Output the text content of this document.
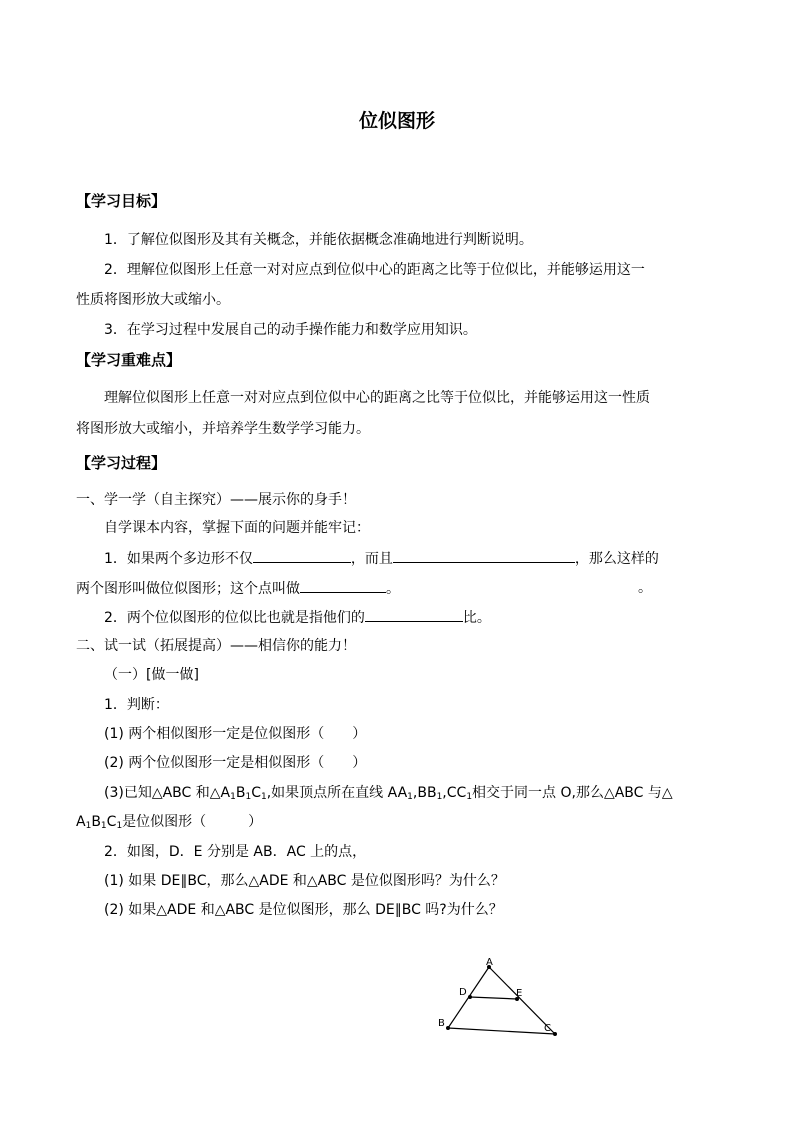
位似图形
【学习目标】
1．了解位似图形及其有关概念，并能依据概念准确地进行判断说明。
2．理解位似图形上任意一对对应点到位似中心的距离之比等于位似比，并能够运用这一
性质将图形放大或缩小。
3．在学习过程中发展自己的动手操作能力和数学应用知识。
【学习重难点】
理解位似图形上任意一对对应点到位似中心的距离之比等于位似比，并能够运用这一性质
将图形放大或缩小，并培养学生数学学习能力。
【学习过程】
一、学一学（自主探究）——展示你的身手！
自学课本内容，掌握下面的问题并能牢记：
1．如果两个多边形不仅	，而且	，那么这样的
两个图形叫做位似图形；这个点叫做	。	。
2．两个位似图形的位似比也就是指他们的	比。
二、试一试（拓展提高）——相信你的能力！
（一）[做一做]
1．判断：
(1) 两个相似图形一定是位似图形（　　）
(2) 两个位似图形一定是相似图形（　　）
(3)已知△ABC 和$\triangle A_1B_1C_1$,如果顶点所在直线 $AA_1,BB_1,CC_1$相交于同一点 O,那么△ABC 与△
$A_1B_1C_1$是位似图形（　　　）
2．如图，D．E 分别是 AB．AC 上的点，
(1) 如果 DE∥BC，那么△ADE 和△ABC 是位似图形吗？为什么？
(2) 如果△ADE 和△ABC 是位似图形，那么 DE∥BC 吗?为什么？
A
B	C
D	E
